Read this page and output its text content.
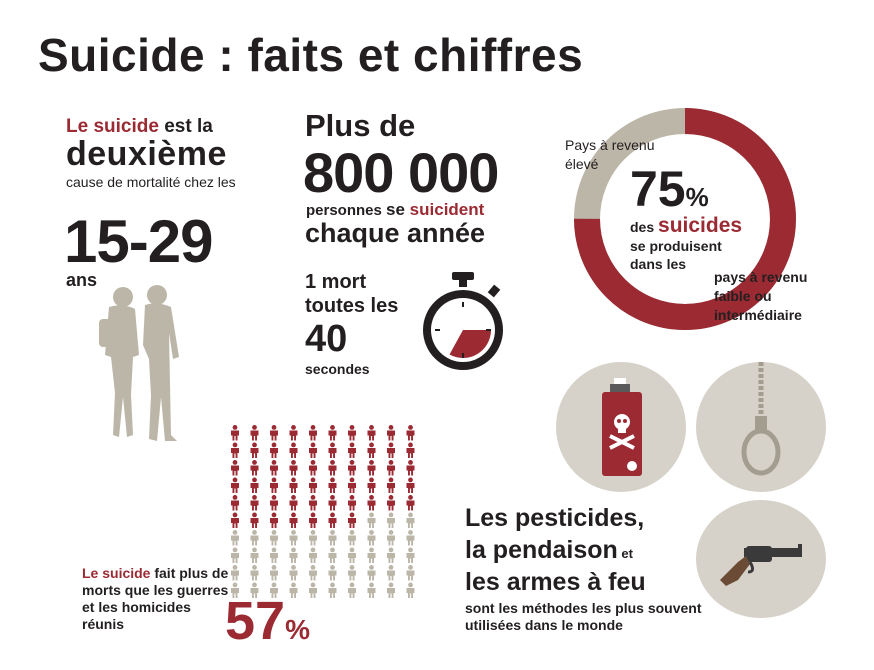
Suicide : faits et chiffres
Le suicide est la
deuxième
cause de mortalité chez les
15-29
ans
Plus de
800 000
personnes se suicident
chaque année
1 mort toutes les
40
secondes
Pays à revenu élevé 75%
des suicides
se produisent dans les
pays à revenu faible ou intermédiaire
Le suicide fait plus de morts que les guerres et les homicides réunis	57%
Les pesticides,
la pendaison et
les armes à feu
sont les méthodes les plus souvent utilisées dans le monde
